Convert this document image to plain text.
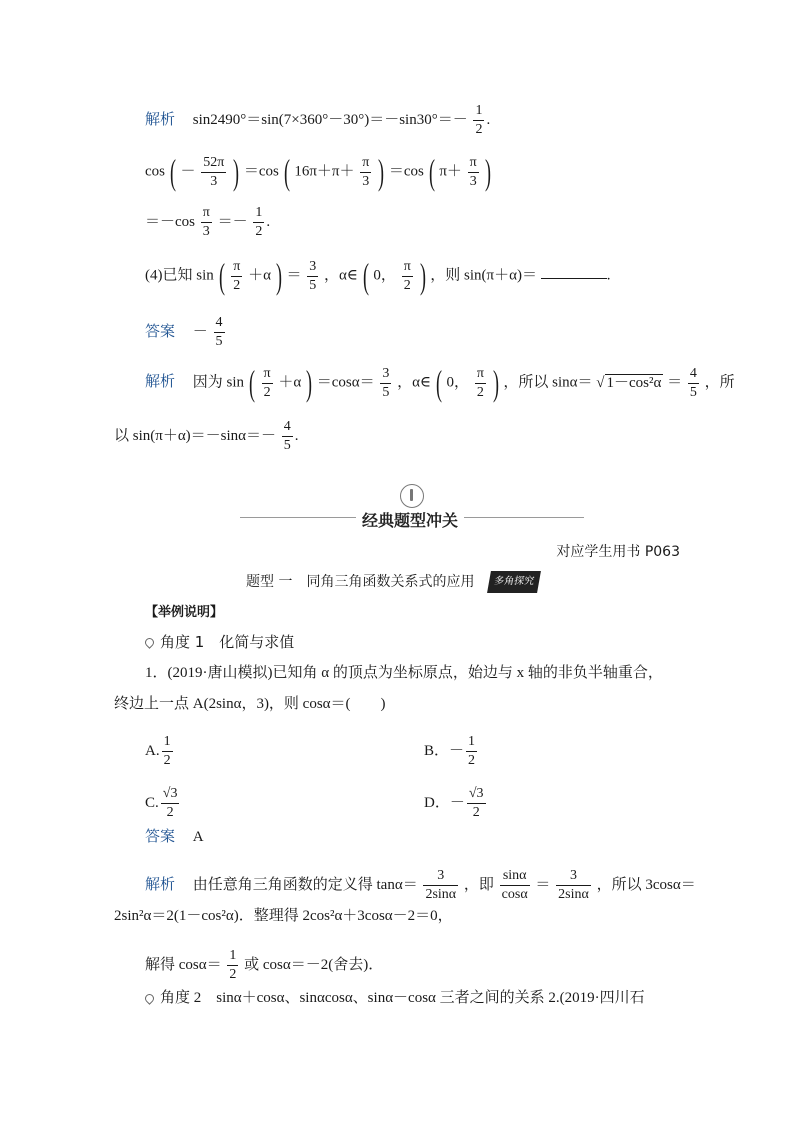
解析 $\sin 2490^\circ=\sin(7\times 360^\circ-30^\circ)=-\sin 30^\circ=- \frac{1}{2}$ .
cos ( － $\frac{52\pi}{3}$ ) ＝cos ( $16\pi+\pi+ \frac{\pi}{3}$ ) ＝cos ( $\pi+ \frac{\pi}{3}$ )
$=-\cos \frac{\pi}{3} =- \frac{1}{2}$ .
(4)已知 sin ( $\frac{\pi}{2} +\alpha$ ) ＝ $\frac{3}{5}$ ，α∈ ( 0， $\frac{\pi}{2}$ ) ，则 sin(π＋α)＝	.
答案 － $\frac{4}{5}$
解析 因为 sin ( $\frac{\pi}{2} +\alpha$ ) $=\cos\alpha= \frac{3}{5}$ ，α∈ ( 0， $\frac{\pi}{2}$ ) ，所以 sinα＝ √ $1-\cos^2\alpha = \frac{4}{5}$ ，所
以 $\sin(\pi+\alpha)=-\sin\alpha=- \frac{4}{5}$ .
经典题型冲关
对应学生用书 P063
题型 一　同角三角函数关系式的应用 多角探究
【举例说明】
角度 1　化简与求值
1．(2019·唐山模拟)已知角 α 的顶点为坐标原点，始边与 x 轴的非负半轴重合，
终边上一点 A(2sinα，3)，则 cosα＝(　　)
A. $\frac{1}{2}$	B．－ $\frac{1}{2}$
C. $\frac{√3}{2}$	D．－ $\frac{√3}{2}$
答案 A
解析 由任意角三角函数的定义得 $\tan\alpha= \frac{3}{2\sin\alpha}$ ，即 $\frac{\sin\alpha}{\cos\alpha} = \frac{3}{2\sin\alpha}$ ，所以 3cosα＝
2sin²α＝2(1－cos²α)．整理得 2cos²α＋3cosα－2＝0，
解得 $\cos\alpha= \frac{1}{2}$ 或 cosα＝－2(舍去)．
角度 2　sinα＋cosα、sinαcosα、sinα－cosα 三者之间的关系 2.(2019·四川石
